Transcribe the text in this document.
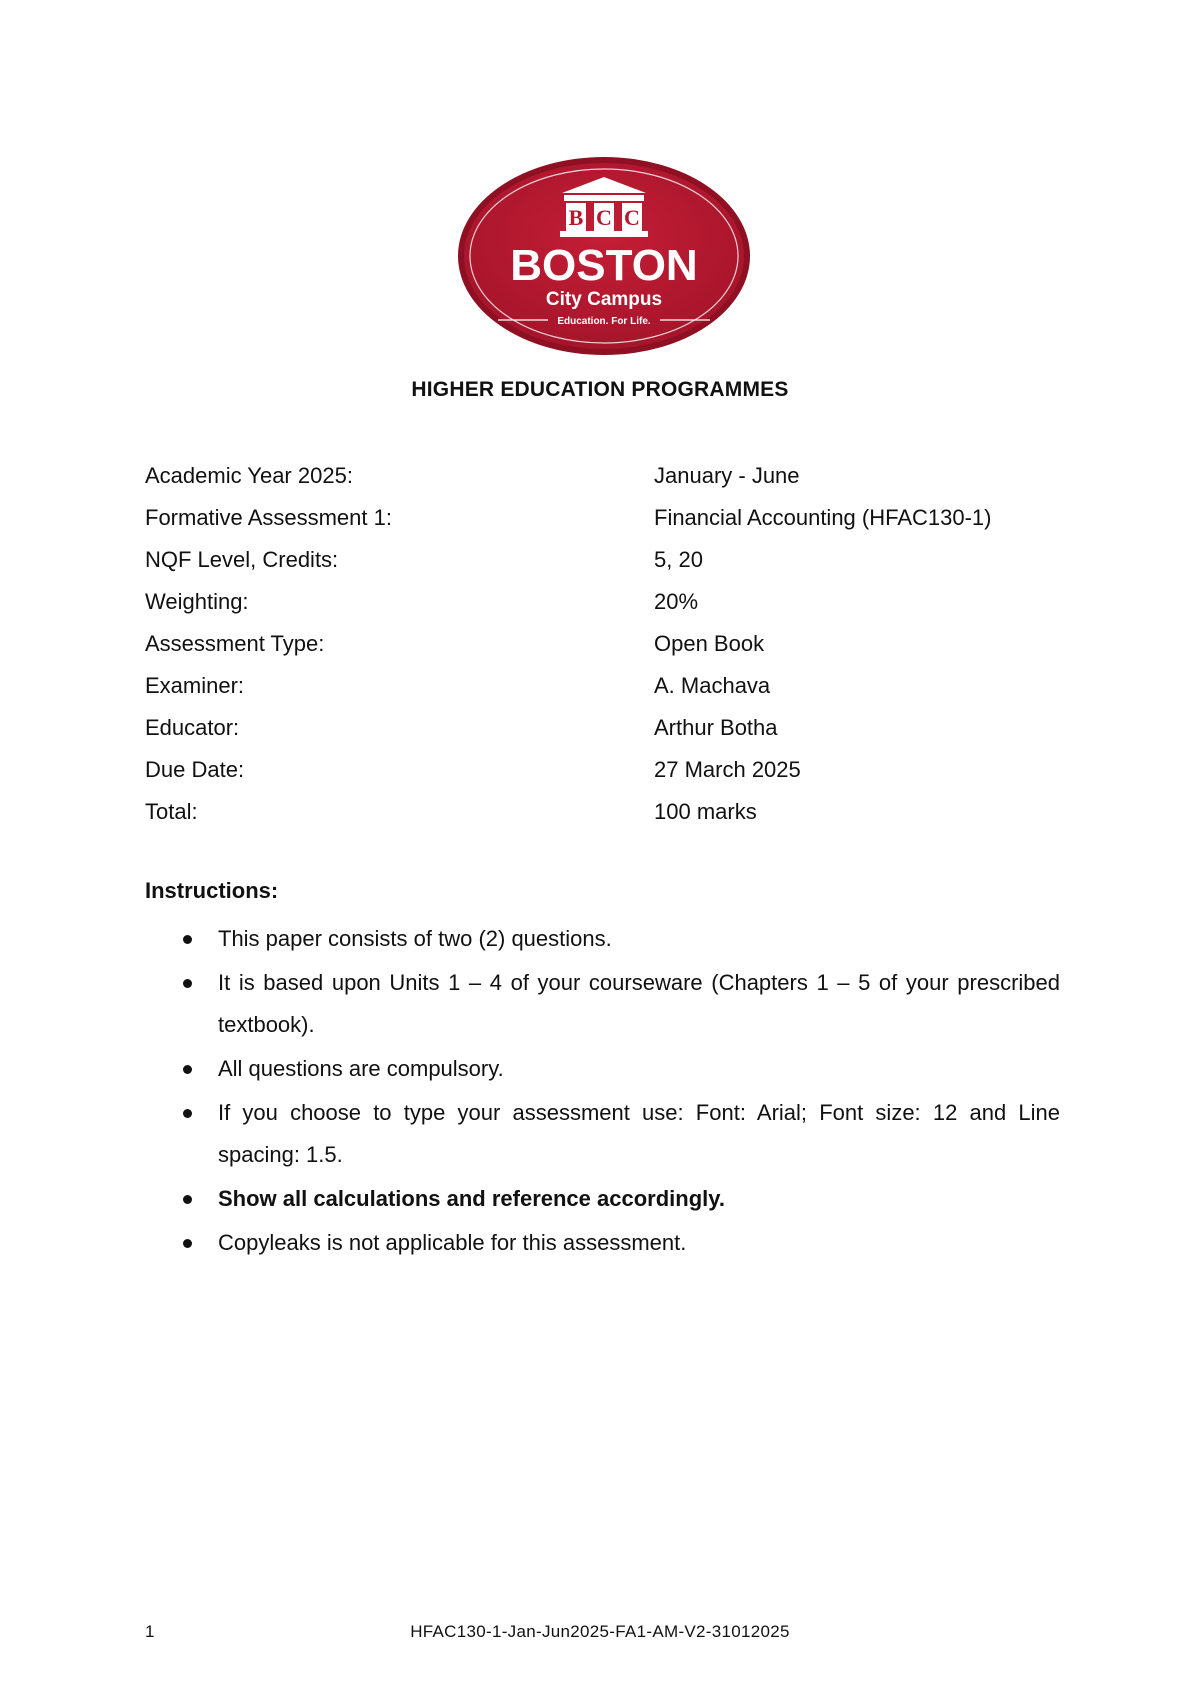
B C C
BOSTON
City Campus
Education. For Life.
HIGHER EDUCATION PROGRAMMES
Academic Year 2025:	January - June
Formative Assessment 1:	Financial Accounting (HFAC130-1)
NQF Level, Credits:	5, 20
Weighting:	20%
Assessment Type:	Open Book
Examiner:	A. Machava
Educator:	Arthur Botha
Due Date:	27 March 2025
Total:	100 marks
Instructions:
This paper consists of two (2) questions.
It is based upon Units 1 – 4 of your courseware (Chapters 1 – 5 of your prescribed textbook).
All questions are compulsory.
If you choose to type your assessment use: Font: Arial; Font size: 12 and Line spacing: 1.5.
Show all calculations and reference accordingly.
Copyleaks is not applicable for this assessment.
1	HFAC130-1-Jan-Jun2025-FA1-AM-V2-31012025
